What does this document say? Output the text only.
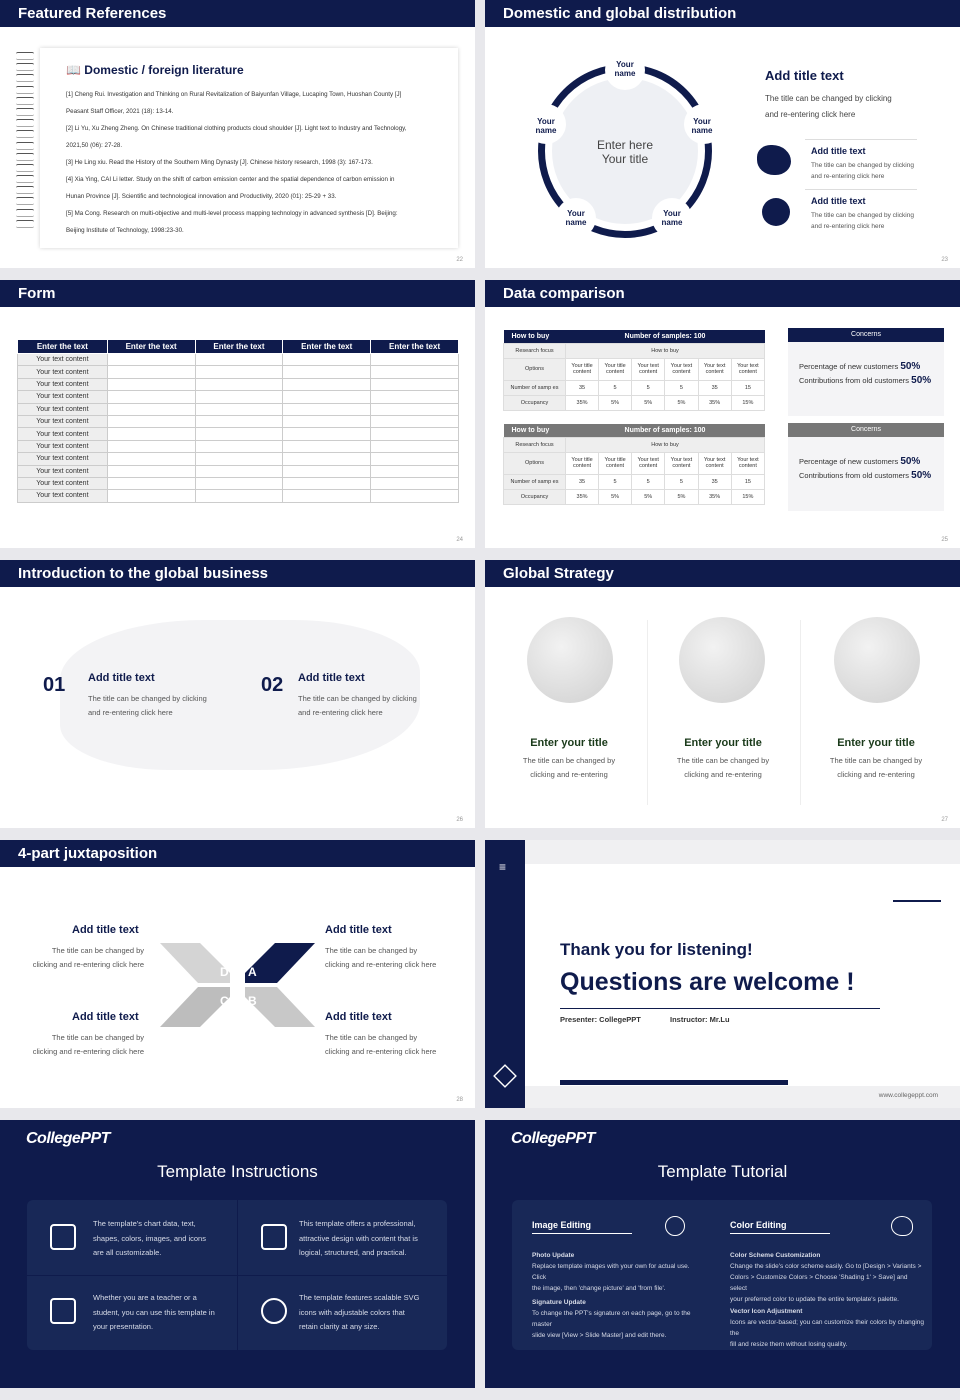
Featured References
📖 Domestic / foreign literature
[1] Cheng Rui. Investigation and Thinking on Rural Revitalization of Baiyunfan Village, Lucaping Town, Huoshan County [J]
Peasant Staff Officer, 2021 (18): 13-14.
[2] Li Yu, Xu Zheng Zheng. On Chinese traditional clothing products cloud shoulder [J]. Light text to Industry and Technology,
2021,50 (06): 27-28.
[3] He Ling xiu. Read the History of the Southern Ming Dynasty [J]. Chinese history research, 1998 (3): 167-173.
[4] Xia Ying, CAI Li letter. Study on the shift of carbon emission center and the spatial dependence of carbon emission in
Hunan Province [J]. Scientific and technological innovation and Productivity, 2020 (01): 25-29 + 33.
[5] Ma Cong. Research on multi-objective and multi-level process mapping technology in advanced synthesis [D]. Beijing:
Beijing Institute of Technology, 1998:23-30.
22
Domestic and global distribution
23
Your
name
Your
name
Your
name
Your
name
Your
name
Enter here
Your title
Add title text
The title can be changed by clicking
and re-entering click here
Add title text
The title can be changed by clicking
and re-entering click here
Add title text
The title can be changed by clicking
and re-entering click here
Form
24
Enter the text	Enter the text	Enter the text	Enter the text	Enter the text
Your text content				
Your text content				
Your text content				
Your text content				
Your text content				
Your text content				
Your text content				
Your text content				
Your text content				
Your text content				
Your text content				
Your text content				
Data comparison
25
How to buy	Number of samples: 100					
Research focus	How to buy					
Options	Your title content	Your title content	Your text content	Your text content	Your text content	Your text content
Number of samp es	35	5	5	5	35	15
Occupancy	35%	5%	5%	5%	35%	15%
How to buy	Number of samples: 100					
Research focus	How to buy					
Options	Your title content	Your title content	Your text content	Your text content	Your text content	Your text content
Number of samp es	35	5	5	5	35	15
Occupancy	35%	5%	5%	5%	35%	15%
Concerns

Percentage of new customers 50%

Contributions from old customers 50%

Concerns

Percentage of new customers 50%

Contributions from old customers 50%

Introduction to the global business
26
01 Add title text
The title can be changed by clicking
and re-entering click here
02 Add title text
The title can be changed by clicking
and re-entering click here
Global Strategy
27
Enter your title
The title can be changed by
clicking and re-entering
Enter your title
The title can be changed by
clicking and re-entering
Enter your title
The title can be changed by
clicking and re-entering
4-part juxtaposition
28
D A
C B
Add title text
The title can be changed by
clicking and re-entering click here
Add title text
The title can be changed by
clicking and re-entering click here
Add title text
The title can be changed by
clicking and re-entering click here
Add title text
The title can be changed by
clicking and re-entering click here
≡
Thank you for listening!
Questions are welcome !
Presenter: CollegePPT	Instructor: Mr.Lu
www.collegeppt.com
CollegePPT
Template Instructions
The template's chart data, text,
shapes, colors, images, and icons
are all customizable.
This template offers a professional,
attractive design with content that is
logical, structured, and practical.
Whether you are a teacher or a
student, you can use this template in
your presentation.
The template features scalable SVG
icons with adjustable colors that
retain clarity at any size.
CollegePPT
Template Tutorial
Image Editing	Color Editing
Photo Update
Replace template images with your own for actual use. Click
the image, then 'change picture' and 'from file'.
Signature Update
To change the PPT's signature on each page, go to the master
slide view [View > Slide Master] and edit there.
Color Scheme Customization
Change the slide's color scheme easily. Go to [Design > Variants >
Colors > Customize Colors > Choose 'Shading 1' > Save] and select
your preferred color to update the entire template's palette.
Vector Icon Adjustment
Icons are vector-based; you can customize their colors by changing the
fill and resize them without losing quality.
